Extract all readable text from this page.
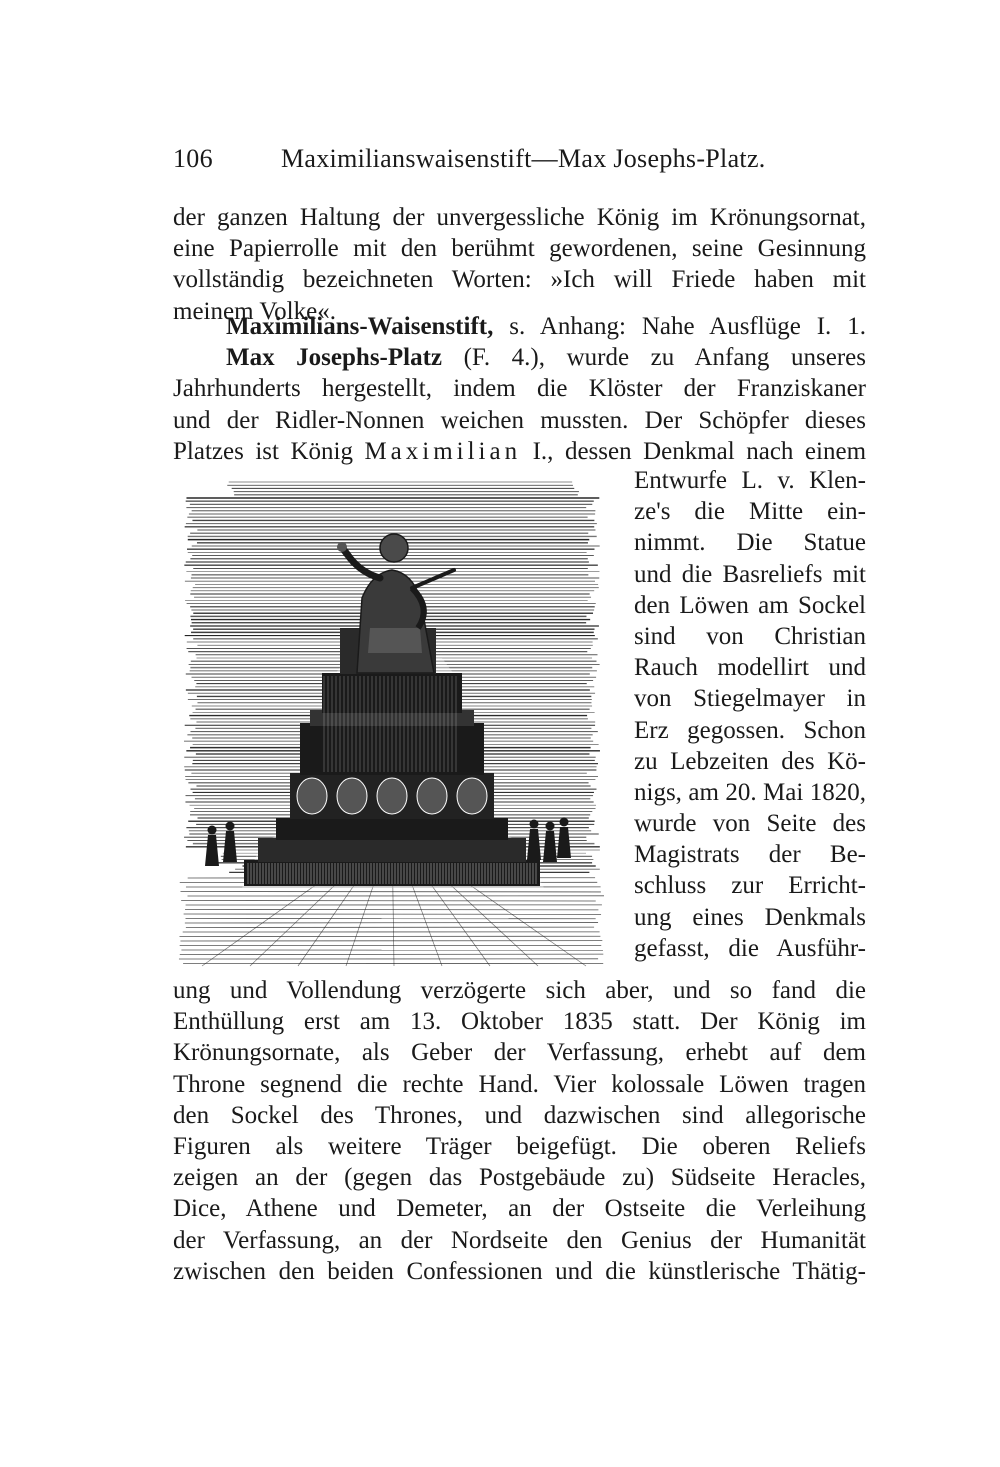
106	Maximilianswaisenstift—Max Josephs-Platz.
der ganzen Haltung der unvergessliche König im Krönungsornat,
eine Papierrolle mit den berühmt gewordenen, seine Gesinnung
vollständig bezeichneten Worten: »Ich will Friede haben mit
meinem Volke«.
Maximilians-Waisenstift, s. Anhang: Nahe Ausflüge I. 1.
Max Josephs-Platz (F. 4.), wurde zu Anfang unseres
Jahrhunderts hergestellt, indem die Klöster der Franziskaner
und der Ridler-Nonnen weichen mussten. Der Schöpfer dieses
Platzes ist König Maximilian I., dessen Denkmal nach einem
Entwurfe L. v. Klen-
ze's die Mitte ein-
nimmt. Die Statue
und die Basreliefs mit
den Löwen am Sockel
sind von Christian
Rauch modellirt und
von Stiegelmayer in
Erz gegossen. Schon
zu Lebzeiten des Kö-
nigs, am 20. Mai 1820,
wurde von Seite des
Magistrats der Be-
schluss zur Erricht-
ung eines Denkmals
gefasst, die Ausführ-
ung und Vollendung verzögerte sich aber, und so fand die
Enthüllung erst am 13. Oktober 1835 statt. Der König im
Krönungsornate, als Geber der Verfassung, erhebt auf dem
Throne segnend die rechte Hand. Vier kolossale Löwen tragen
den Sockel des Thrones, und dazwischen sind allegorische
Figuren als weitere Träger beigefügt. Die oberen Reliefs
zeigen an der (gegen das Postgebäude zu) Südseite Heracles,
Dice, Athene und Demeter, an der Ostseite die Verleihung
der Verfassung, an der Nordseite den Genius der Humanität
zwischen den beiden Confessionen und die künstlerische Thätig-
